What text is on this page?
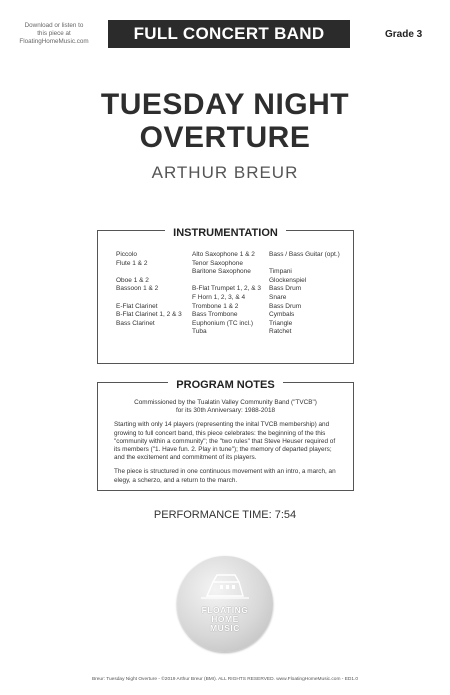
Download or listen to
this piece at
FloatingHomeMusic.com	FULL CONCERT BAND	Grade 3
TUESDAY NIGHT
OVERTURE
ARTHUR BREUR
INSTRUMENTATION
Piccolo
Flute 1 & 2
Oboe 1 & 2
Bassoon 1 & 2
E-Flat Clarinet
B-Flat Clarinet 1, 2 & 3
Bass Clarinet
Alto Saxophone 1 & 2
Tenor Saxophone
Baritone Saxophone
B-Flat Trumpet 1, 2, & 3
F Horn 1, 2, 3, & 4
Trombone 1 & 2
Bass Trombone
Euphonium (TC incl.)
Tuba
Bass / Bass Guitar (opt.)
Timpani
Glockenspiel
Bass Drum
Snare
Bass Drum
Cymbals
Triangle
Ratchet
PROGRAM NOTES

Commissioned by the Tualatin Valley Community Band ("TVCB")
for its 30th Anniversary: 1988-2018

Starting with only 14 players (representing the inital TVCB membership) and growing to full concert band, this piece celebrates: the beginning of the this "community within a community"; the "two rules" that Steve Heuser required of its members ("1. Have fun. 2. Play in tune"); the memory of departed players; and the excitement and commitment of its players.

The piece is structured in one continuous movement with an intro, a march, an elegy, a scherzo, and a return to the march.

PERFORMANCE TIME: 7:54
FLOATING
HOME
MUSIC
Breur: Tuesday Night Overture - ©2019 Arthur Breur (BMI). ALL RIGHTS RESERVED. www.FloatingHomeMusic.com - ED1.0
